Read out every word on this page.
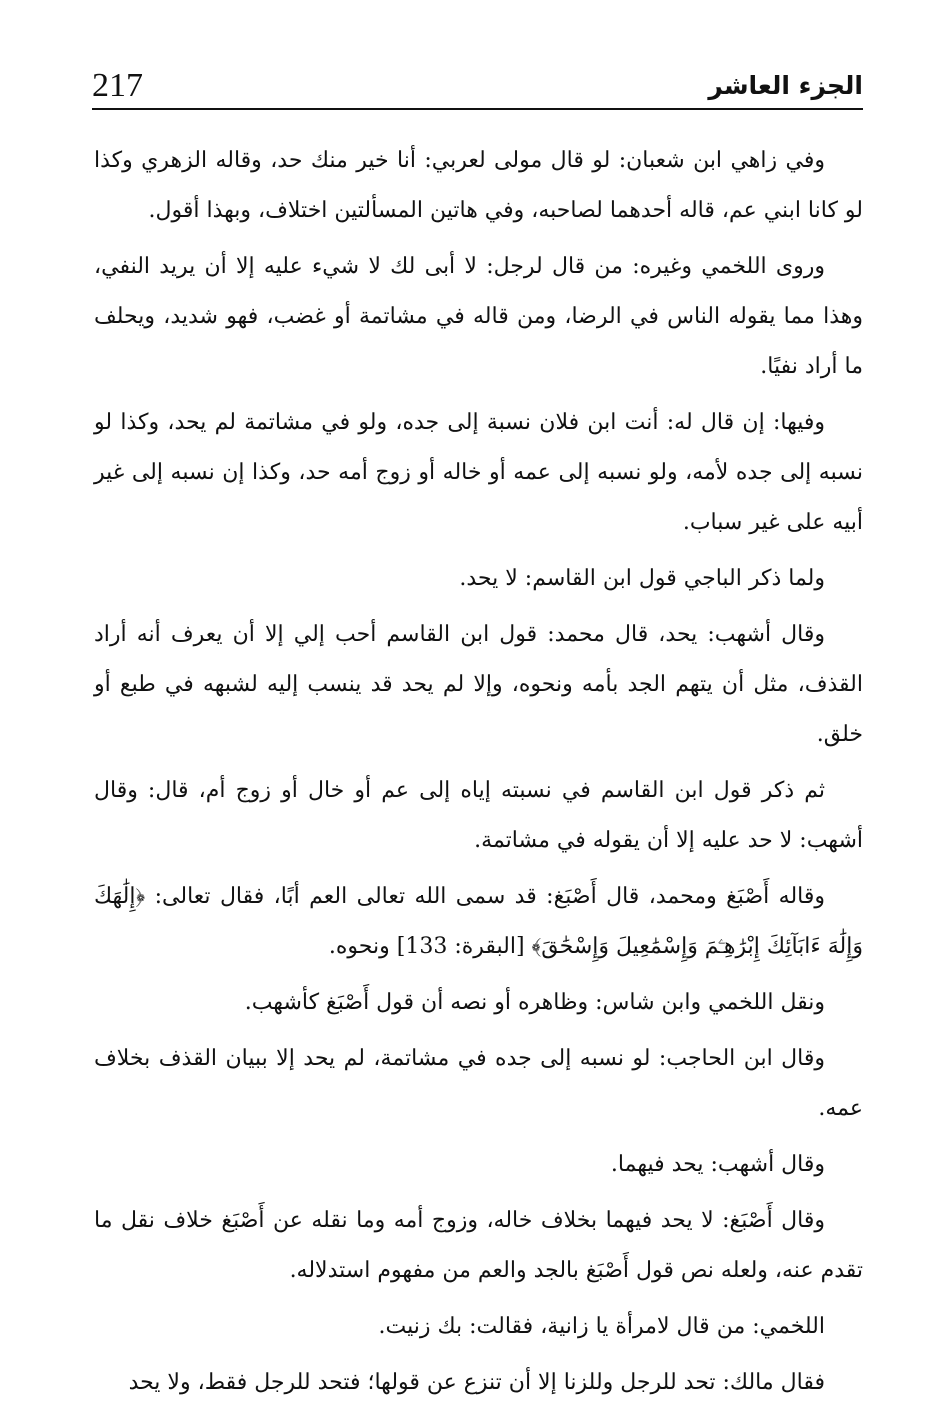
217	الجزء العاشر

وفي زاهي ابن شعبان: لو قال مولى لعربي: أنا خير منك حد، وقاله الزهري وكذا لو كانا ابني عم، قاله أحدهما لصاحبه، وفي هاتين المسألتين اختلاف، وبهذا أقول.

وروى اللخمي وغيره: من قال لرجل: لا أبى لك لا شيء عليه إلا أن يريد النفي، وهذا مما يقوله الناس في الرضا، ومن قاله في مشاتمة أو غضب، فهو شديد، ويحلف ما أراد نفيًا.

وفيها: إن قال له: أنت ابن فلان نسبة إلى جده، ولو في مشاتمة لم يحد، وكذا لو نسبه إلى جده لأمه، ولو نسبه إلى عمه أو خاله أو زوج أمه حد، وكذا إن نسبه إلى غير أبيه على غير سباب.

ولما ذكر الباجي قول ابن القاسم: لا يحد.

وقال أشهب: يحد، قال محمد: قول ابن القاسم أحب إلي إلا أن يعرف أنه أراد القذف، مثل أن يتهم الجد بأمه ونحوه، وإلا لم يحد قد ينسب إليه لشبهه في طبع أو خلق.

ثم ذكر قول ابن القاسم في نسبته إياه إلى عم أو خال أو زوج أم، قال: وقال أشهب: لا حد عليه إلا أن يقوله في مشاتمة.

وقاله أَصْبَغ ومحمد، قال أَصْبَغ: قد سمى الله تعالى العم أبًا، فقال تعالى: ﴿إِلَٰهَكَ وَإِلَٰهَ ءَابَآئِكَ إِبْرَٰهِـۧمَ وَإِسْمَٰعِيلَ وَإِسْحَٰقَ﴾ [البقرة: 133] ونحوه.

ونقل اللخمي وابن شاس: وظاهره أو نصه أن قول أَصْبَغ كأشهب.

وقال ابن الحاجب: لو نسبه إلى جده في مشاتمة، لم يحد إلا ببيان القذف بخلاف عمه.

وقال أشهب: يحد فيهما.

وقال أَصْبَغ: لا يحد فيهما بخلاف خاله، وزوج أمه وما نقله عن أَصْبَغ خلاف نقل ما تقدم عنه، ولعله نص قول أَصْبَغ بالجد والعم من مفهوم استدلاله.

اللخمي: من قال لامرأة يا زانية، فقالت: بك زنيت.

فقال مالك: تحد للرجل وللزنا إلا أن تنزع عن قولها؛ فتحد للرجل فقط، ولا يحد
